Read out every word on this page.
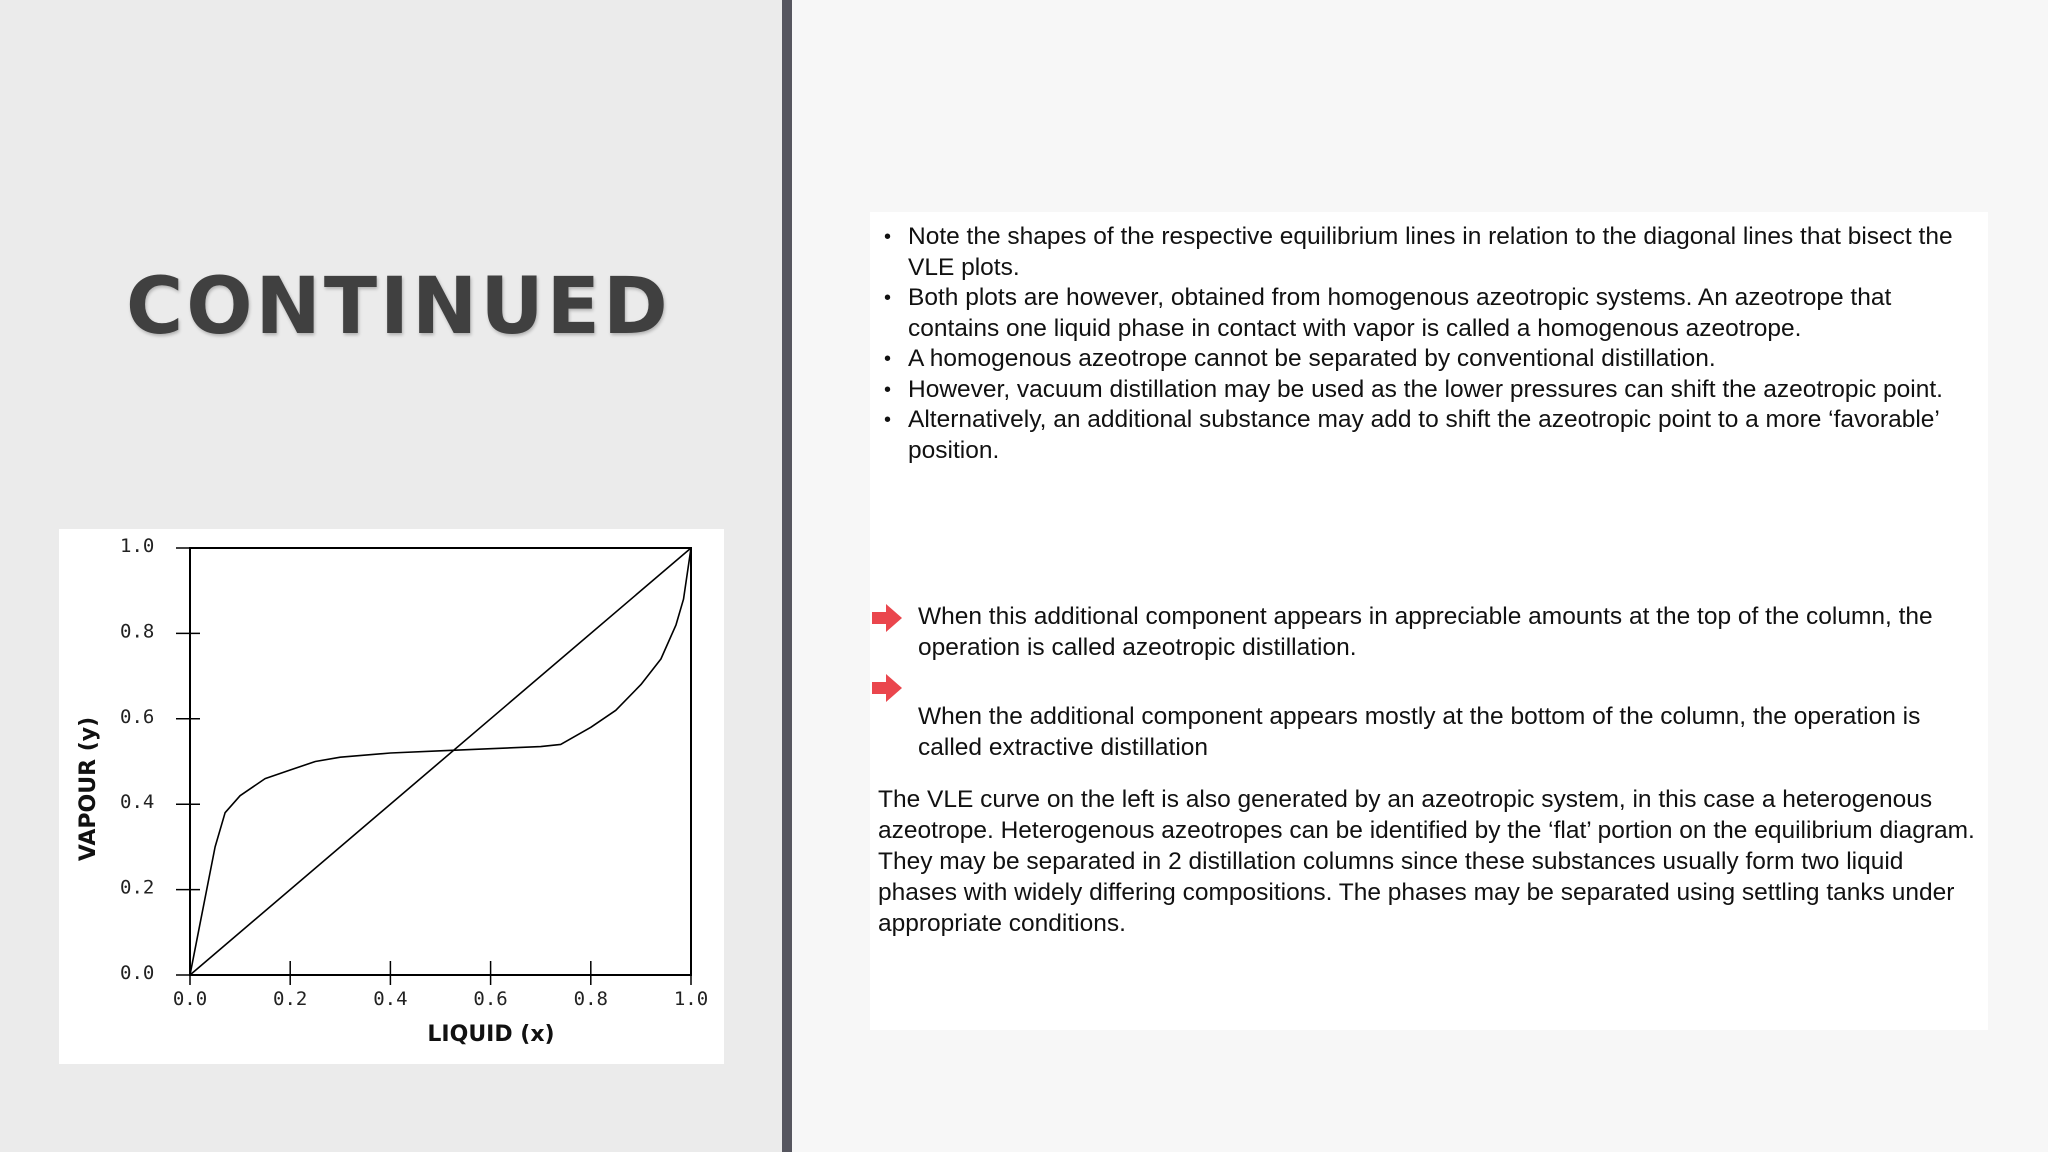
CONTINUED
0.0	0.2	0.4	0.6	0.8	1.0
0.0
0.2
0.4
0.6
0.8
1.0
LIQUID (x)
VAPOUR (y)
• Note the shapes of the respective equilibrium lines in relation to the diagonal lines that bisect the VLE plots.
• Both plots are however, obtained from homogenous azeotropic systems. An azeotrope that contains one liquid phase in contact with vapor is called a homogenous azeotrope.
• A homogenous azeotrope cannot be separated by conventional distillation.
• However, vacuum distillation may be used as the lower pressures can shift the azeotropic point.
• Alternatively, an additional substance may add to shift the azeotropic point to a more ‘favorable’ position.
When this additional component appears in appreciable amounts at the top of the column, the operation is called azeotropic distillation.
When the additional component appears mostly at the bottom of the column, the operation is called extractive distillation

The VLE curve on the left is also generated by an azeotropic system, in this case a heterogenous azeotrope. Heterogenous azeotropes can be identified by the ‘flat’ portion on the equilibrium diagram. They may be separated in 2 distillation columns since these substances usually form two liquid phases with widely differing compositions. The phases may be separated using settling tanks under appropriate conditions.
